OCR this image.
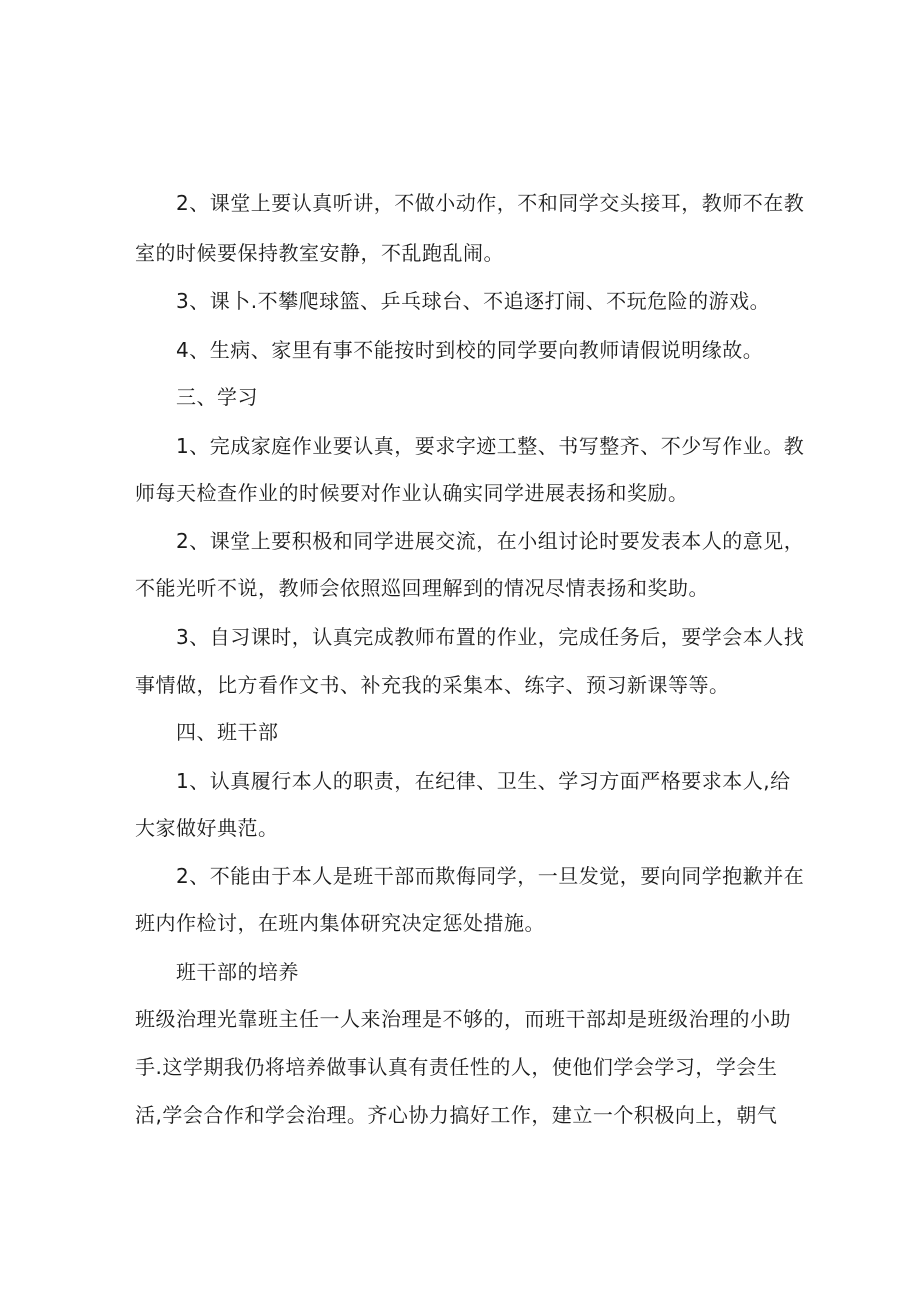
2、课堂上要认真听讲，不做小动作，不和同学交头接耳，教师不在教
室的时候要保持教室安静，不乱跑乱闹。
3、课卜.不攀爬球篮、乒乓球台、不追逐打闹、不玩危险的游戏。
4、生病、家里有事不能按时到校的同学要向教师请假说明缘故。
三、学习
1、完成家庭作业要认真，要求字迹工整、书写整齐、不少写作业。教
师每天检查作业的时候要对作业认确实同学进展表扬和奖励。
2、课堂上要积极和同学进展交流，在小组讨论时要发表本人的意见，
不能光听不说，教师会依照巡回理解到的情况尽情表扬和奖助。
3、自习课时，认真完成教师布置的作业，完成任务后，要学会本人找
事情做，比方看作文书、补充我的采集本、练字、预习新课等等。
四、班干部
1、认真履行本人的职责，在纪律、卫生、学习方面严格要求本人,给
大家做好典范。
2、不能由于本人是班干部而欺侮同学，一旦发觉，要向同学抱歉并在
班内作检讨，在班内集体研究决定惩处措施。
班干部的培养
班级治理光靠班主任一人来治理是不够的，而班干部却是班级治理的小助
手.这学期我仍将培养做事认真有责任性的人，使他们学会学习，学会生
活,学会合作和学会治理。齐心协力搞好工作，建立一个积极向上，朝气
